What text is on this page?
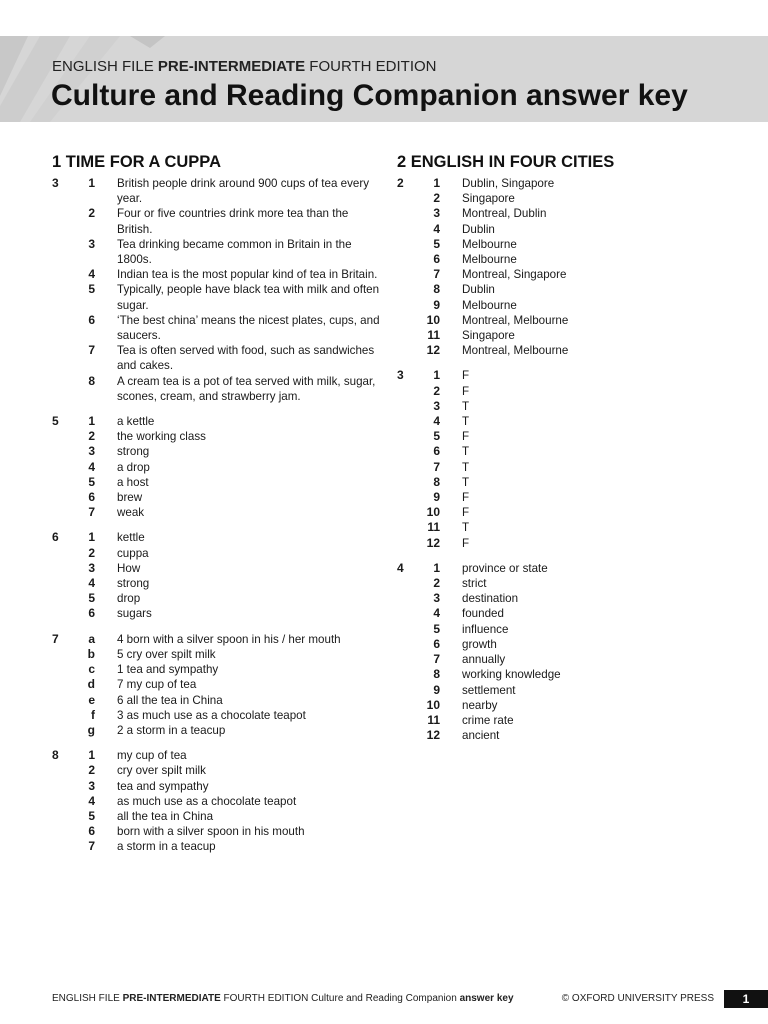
ENGLISH FILE PRE-INTERMEDIATE FOURTH EDITION
Culture and Reading Companion answer key
1 TIME FOR A CUPPA
3	1 British people drink around 900 cups of tea every year.
2 Four or five countries drink more tea than the British.
3 Tea drinking became common in Britain in the 1800s.
4 Indian tea is the most popular kind of tea in Britain.
5 Typically, people have black tea with milk and often sugar.
6 ‘The best china’ means the nicest plates, cups, and saucers.
7 Tea is often served with food, such as sandwiches and cakes.
8 A cream tea is a pot of tea served with milk, sugar, scones, cream, and strawberry jam.
5	1 a kettle
2 the working class
3 strong
4 a drop
5 a host
6 brew
7 weak
6	1 kettle
2 cuppa
3 How
4 strong
5 drop
6 sugars
7	a 4 born with a silver spoon in his / her mouth
b 5 cry over spilt milk
c 1 tea and sympathy
d 7 my cup of tea
e 6 all the tea in China
f 3 as much use as a chocolate teapot
g 2 a storm in a teacup
8	1 my cup of tea
2 cry over spilt milk
3 tea and sympathy
4 as much use as a chocolate teapot
5 all the tea in China
6 born with a silver spoon in his mouth
7 a storm in a teacup
2 ENGLISH IN FOUR CITIES
2	1 Dublin, Singapore
2 Singapore
3 Montreal, Dublin
4 Dublin
5 Melbourne
6 Melbourne
7 Montreal, Singapore
8 Dublin
9 Melbourne
10 Montreal, Melbourne
11 Singapore
12 Montreal, Melbourne
3	1 F
2 F
3 T
4 T
5 F
6 T
7 T
8 T
9 F
10 F
11 T
12 F
4	1 province or state
2 strict
3 destination
4 founded
5 influence
6 growth
7 annually
8 working knowledge
9 settlement
10 nearby
11 crime rate
12 ancient
ENGLISH FILE PRE-INTERMEDIATE FOURTH EDITION Culture and Reading Companion answer key	© OXFORD UNIVERSITY PRESS	1
